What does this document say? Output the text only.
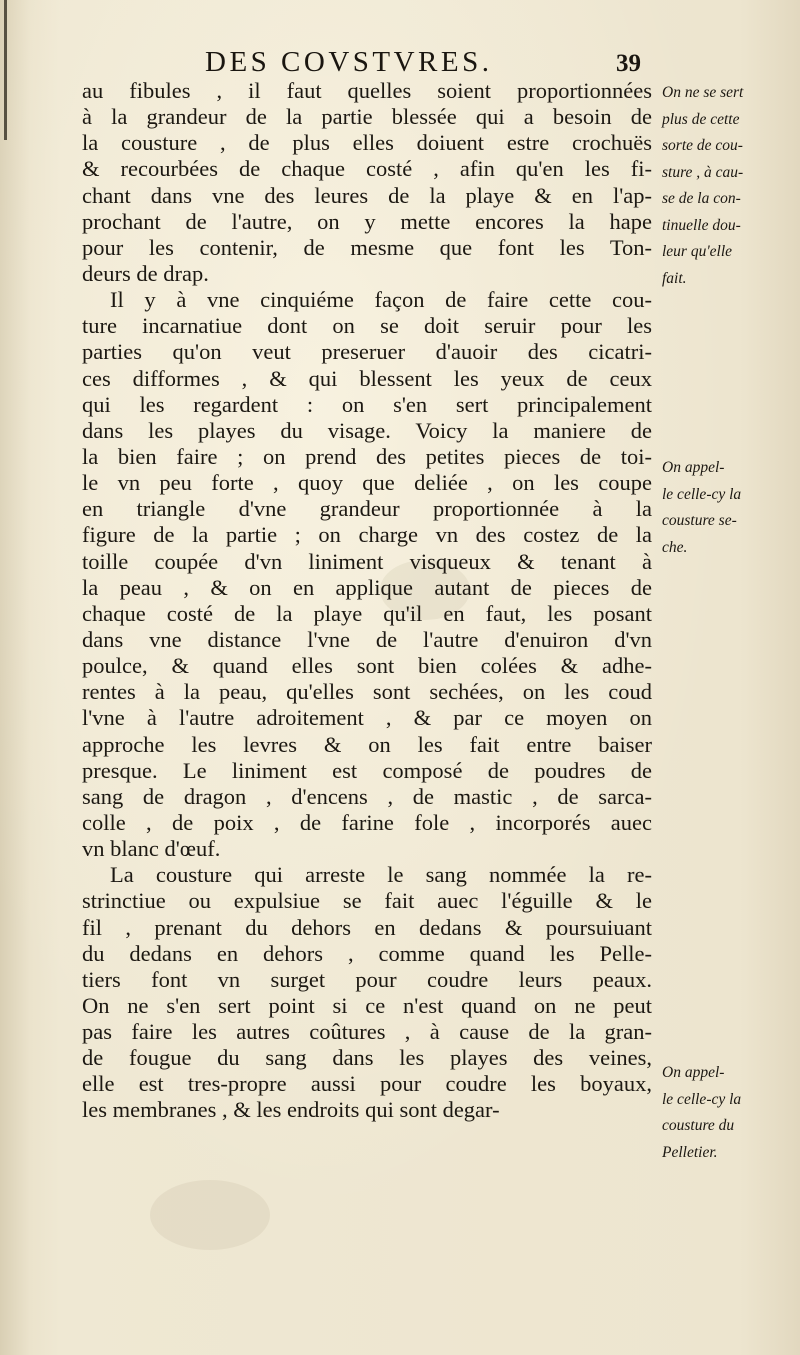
DES COVSTVRES.	39
au fibules , il faut quelles soient proportionnées
à la grandeur de la partie blessée qui a besoin de
la cousture , de plus elles doiuent estre crochuës
& recourbées de chaque costé , afin qu'en les fi-
chant dans vne des leures de la playe & en l'ap-
prochant de l'autre, on y mette encores la hape
pour les contenir, de mesme que font les Ton-
deurs de drap.
Il y à vne cinquiéme façon de faire cette cou-
ture incarnatiue dont on se doit seruir pour les
parties qu'on veut preseruer d'auoir des cicatri-
ces difformes , & qui blessent les yeux de ceux
qui les regardent : on s'en sert principalement
dans les playes du visage. Voicy la maniere de
la bien faire ; on prend des petites pieces de toi-
le vn peu forte , quoy que deliée , on les coupe
en triangle d'vne grandeur proportionnée à la
figure de la partie ; on charge vn des costez de la
toille coupée d'vn liniment visqueux & tenant à
la peau , & on en applique autant de pieces de
chaque costé de la playe qu'il en faut, les posant
dans vne distance l'vne de l'autre d'enuiron d'vn
poulce, & quand elles sont bien colées & adhe-
rentes à la peau, qu'elles sont sechées, on les coud
l'vne à l'autre adroitement , & par ce moyen on
approche les levres & on les fait entre baiser
presque. Le liniment est composé de poudres de
sang de dragon , d'encens , de mastic , de sarca-
colle , de poix , de farine fole , incorporés auec
vn blanc d'œuf.
La cousture qui arreste le sang nommée la re-
strinctiue ou expulsiue se fait auec l'éguille & le
fil , prenant du dehors en dedans & poursuiuant
du dedans en dehors , comme quand les Pelle-
tiers font vn surget pour coudre leurs peaux.
On ne s'en sert point si ce n'est quand on ne peut
pas faire les autres coûtures , à cause de la gran-
de fougue du sang dans les playes des veines,
elle est tres-propre aussi pour coudre les boyaux,
les membranes , & les endroits qui sont degar-
On ne se sert
plus de cette
sorte de cou-
sture , à cau-
se de la con-
tinuelle dou-
leur qu'elle
fait.
On appel-
le celle-cy la
cousture se-
che.
On appel-
le celle-cy la
cousture du
Pelletier.
